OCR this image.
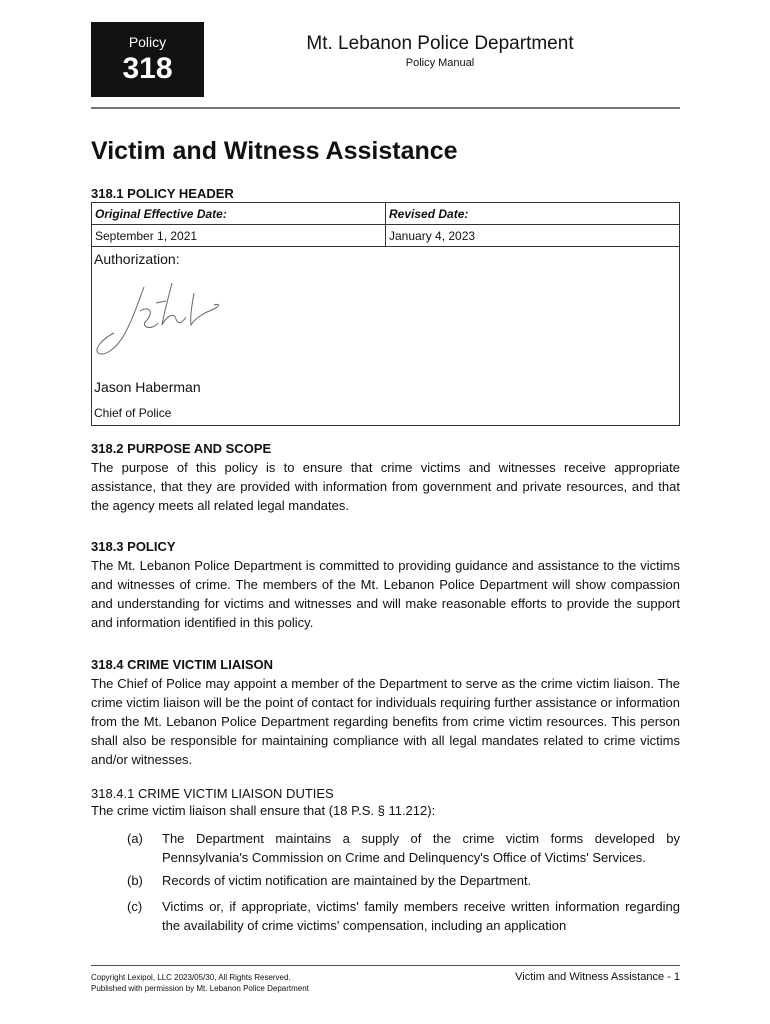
Policy
318
Mt. Lebanon Police Department
Policy Manual
Victim and Witness Assistance
318.1 POLICY HEADER
Original Effective Date:	Revised Date:
September 1, 2021	January 4, 2023
Authorization:
Jason Haberman
Chief of Police
318.2 PURPOSE AND SCOPE

The purpose of this policy is to ensure that crime victims and witnesses receive appropriate assistance, that they are provided with information from government and private resources, and that the agency meets all related legal mandates.

318.3 POLICY

The Mt. Lebanon Police Department is committed to providing guidance and assistance to the victims and witnesses of crime. The members of the Mt. Lebanon Police Department will show compassion and understanding for victims and witnesses and will make reasonable efforts to provide the support and information identified in this policy.

318.4 CRIME VICTIM LIAISON

The Chief of Police may appoint a member of the Department to serve as the crime victim liaison. The crime victim liaison will be the point of contact for individuals requiring further assistance or information from the Mt. Lebanon Police Department regarding benefits from crime victim resources. This person shall also be responsible for maintaining compliance with all legal mandates related to crime victims and/or witnesses.

318.4.1 CRIME VICTIM LIAISON DUTIES
The crime victim liaison shall ensure that (18 P.S. § 11.212):
(a) The Department maintains a supply of the crime victim forms developed by Pennsylvania's Commission on Crime and Delinquency's Office of Victims' Services.
(b) Records of victim notification are maintained by the Department.
(c) Victims or, if appropriate, victims' family members receive written information regarding the availability of crime victims' compensation, including an application
Copyright Lexipol, LLC 2023/05/30, All Rights Reserved.
Published with permission by Mt. Lebanon Police Department
Victim and Witness Assistance - 1
